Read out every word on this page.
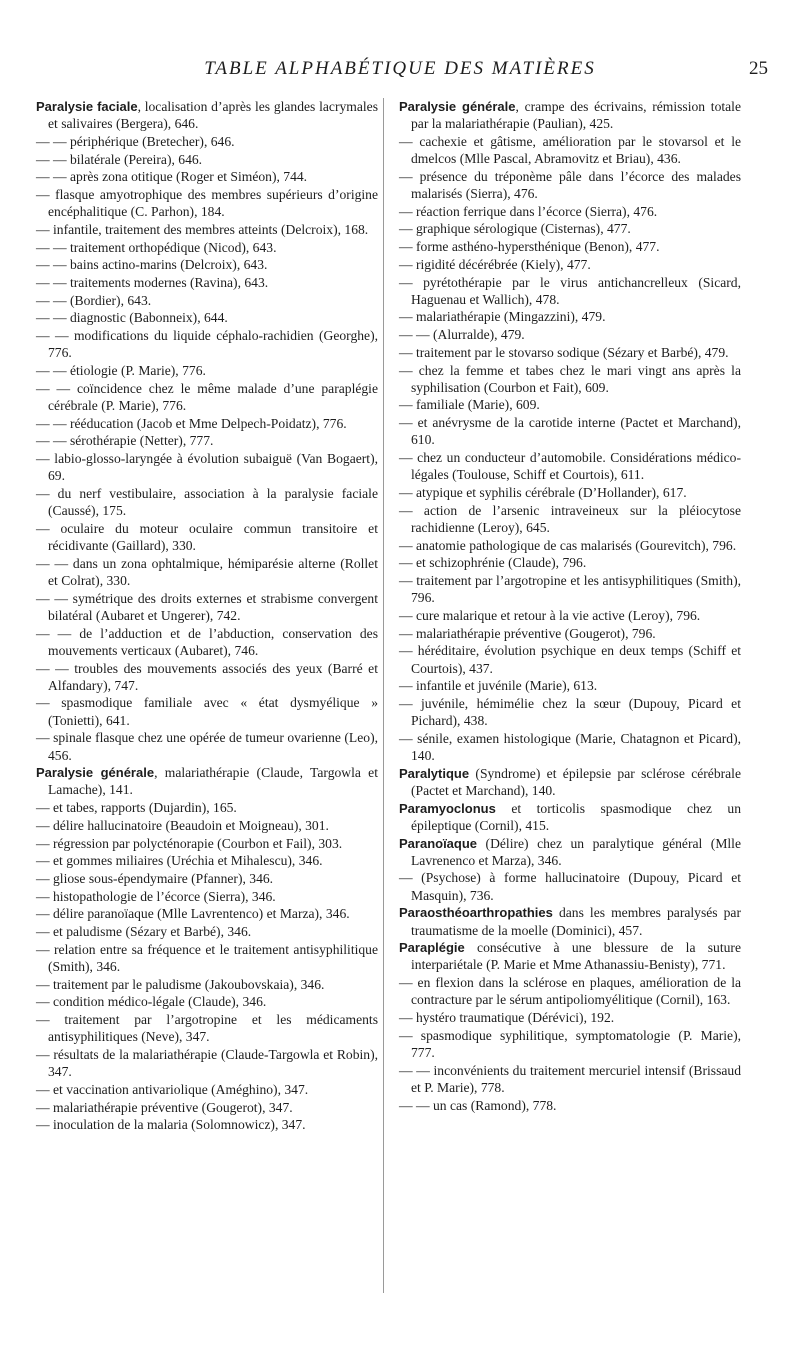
TABLE ALPHABÉTIQUE DES MATIÈRES	25

Paralysie faciale, localisation d’après les glandes lacrymales et salivaires (Bergera), 646.

— — périphérique (Bretecher), 646.

— — bilatérale (Pereira), 646.

— — après zona otitique (Roger et Siméon), 744.

— flasque amyotrophique des membres supérieurs d’origine encéphalitique (C. Parhon), 184.

— infantile, traitement des membres atteints (Delcroix), 168.

— — traitement orthopédique (Nicod), 643.

— — bains actino-marins (Delcroix), 643.

— — traitements modernes (Ravina), 643.

— — (Bordier), 643.

— — diagnostic (Babonneix), 644.

— — modifications du liquide céphalo-rachidien (Georghe), 776.

— — étiologie (P. Marie), 776.

— — coïncidence chez le même malade d’une paraplégie cérébrale (P. Marie), 776.

— — rééducation (Jacob et Mme Delpech-Poidatz), 776.

— — sérothérapie (Netter), 777.

— labio-glosso-laryngée à évolution subaiguë (Van Bogaert), 69.

— du nerf vestibulaire, association à la paralysie faciale (Caussé), 175.

— oculaire du moteur oculaire commun transitoire et récidivante (Gaillard), 330.

— — dans un zona ophtalmique, hémiparésie alterne (Rollet et Colrat), 330.

— — symétrique des droits externes et strabisme convergent bilatéral (Aubaret et Ungerer), 742.

— — de l’adduction et de l’abduction, conservation des mouvements verticaux (Aubaret), 746.

— — troubles des mouvements associés des yeux (Barré et Alfandary), 747.

— spasmodique familiale avec « état dysmyélique » (Tonietti), 641.

— spinale flasque chez une opérée de tumeur ovarienne (Leo), 456.

Paralysie générale, malariathérapie (Claude, Targowla et Lamache), 141.

— et tabes, rapports (Dujardin), 165.

— délire hallucinatoire (Beaudoin et Moigneau), 301.

— régression par polycténorapie (Courbon et Fail), 303.

— et gommes miliaires (Uréchia et Mihalescu), 346.

— gliose sous-épendymaire (Pfanner), 346.

— histopathologie de l’écorce (Sierra), 346.

— délire paranoïaque (Mlle Lavrentenco) et Marza), 346.

— et paludisme (Sézary et Barbé), 346.

— relation entre sa fréquence et le traitement antisyphilitique (Smith), 346.

— traitement par le paludisme (Jakoubovskaia), 346.

— condition médico-légale (Claude), 346.

— traitement par l’argotropine et les médicaments antisyphilitiques (Neve), 347.

— résultats de la malariathérapie (Claude-Targowla et Robin), 347.

— et vaccination antivariolique (Améghino), 347.

— malariathérapie préventive (Gougerot), 347.

— inoculation de la malaria (Solomnowicz), 347.

Paralysie générale, crampe des écrivains, rémission totale par la malariathérapie (Paulian), 425.

— cachexie et gâtisme, amélioration par le stovarsol et le dmelcos (Mlle Pascal, Abramovitz et Briau), 436.

— présence du tréponème pâle dans l’écorce des malades malarisés (Sierra), 476.

— réaction ferrique dans l’écorce (Sierra), 476.

— graphique sérologique (Cisternas), 477.

— forme asthéno-hypersthénique (Benon), 477.

— rigidité décérébrée (Kiely), 477.

— pyrétothérapie par le virus antichancrelleux (Sicard, Haguenau et Wallich), 478.

— malariathérapie (Mingazzini), 479.

— — (Alurralde), 479.

— traitement par le stovarso sodique (Sézary et Barbé), 479.

— chez la femme et tabes chez le mari vingt ans après la syphilisation (Courbon et Fait), 609.

— familiale (Marie), 609.

— et anévrysme de la carotide interne (Pactet et Marchand), 610.

— chez un conducteur d’automobile. Considérations médico-légales (Toulouse, Schiff et Courtois), 611.

— atypique et syphilis cérébrale (D’Hollander), 617.

— action de l’arsenic intraveineux sur la pléiocytose rachidienne (Leroy), 645.

— anatomie pathologique de cas malarisés (Gourevitch), 796.

— et schizophrénie (Claude), 796.

— traitement par l’argotropine et les antisyphilitiques (Smith), 796.

— cure malarique et retour à la vie active (Leroy), 796.

— malariathérapie préventive (Gougerot), 796.

— héréditaire, évolution psychique en deux temps (Schiff et Courtois), 437.

— infantile et juvénile (Marie), 613.

— juvénile, hémimélie chez la sœur (Dupouy, Picard et Pichard), 438.

— sénile, examen histologique (Marie, Chatagnon et Picard), 140.

Paralytique (Syndrome) et épilepsie par sclérose cérébrale (Pactet et Marchand), 140.

Paramyoclonus et torticolis spasmodique chez un épileptique (Cornil), 415.

Paranoïaque (Délire) chez un paralytique général (Mlle Lavrenenco et Marza), 346.

— (Psychose) à forme hallucinatoire (Dupouy, Picard et Masquin), 736.

Paraosthéoarthropathies dans les membres paralysés par traumatisme de la moelle (Dominici), 457.

Paraplégie consécutive à une blessure de la suture interpariétale (P. Marie et Mme Athanassiu-Benisty), 771.

— en flexion dans la sclérose en plaques, amélioration de la contracture par le sérum antipoliomyélitique (Cornil), 163.

— hystéro traumatique (Dérévici), 192.

— spasmodique syphilitique, symptomatologie (P. Marie), 777.

— — inconvénients du traitement mercuriel intensif (Brissaud et P. Marie), 778.

— — un cas (Ramond), 778.
